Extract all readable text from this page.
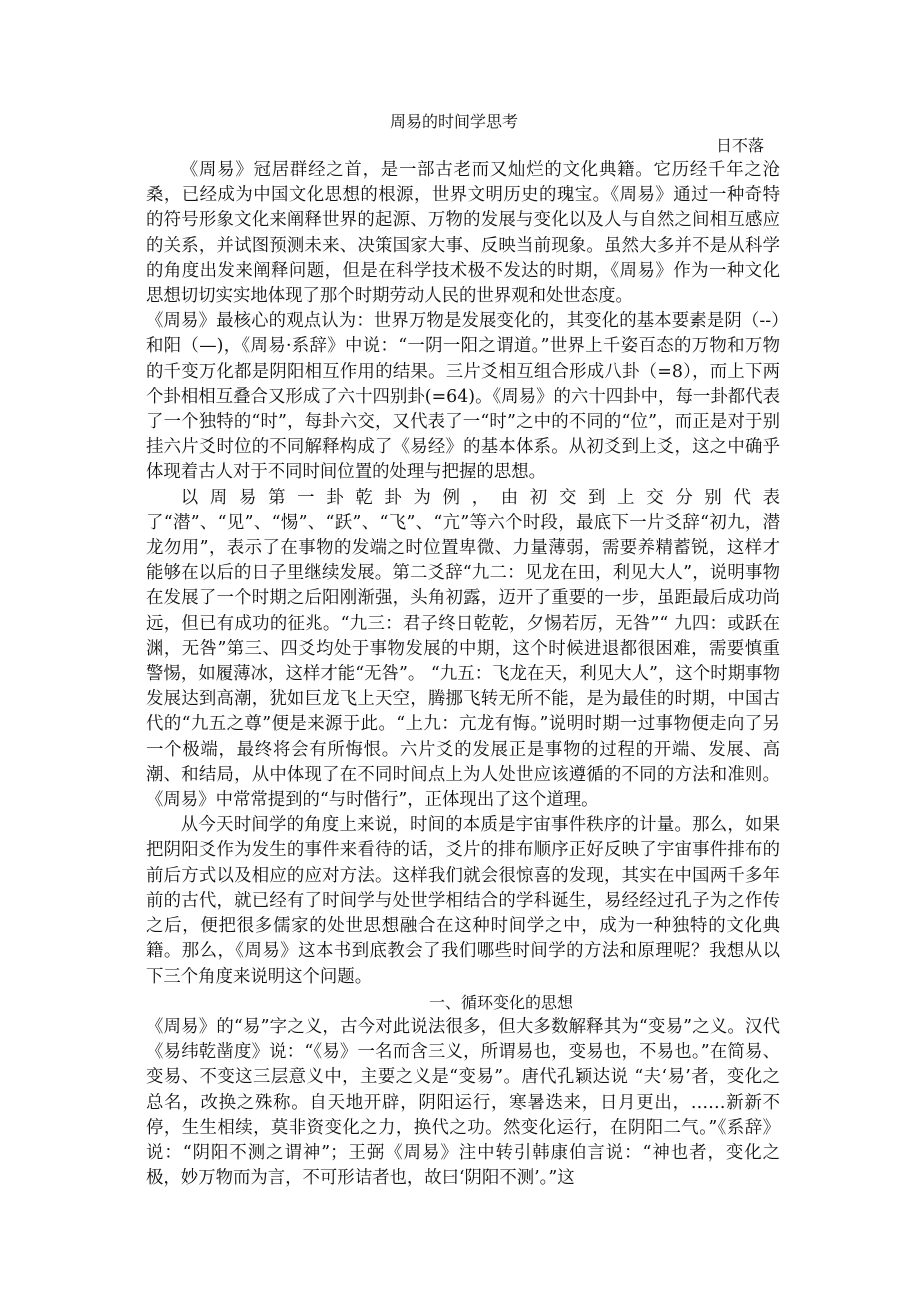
周易的时间学思考

日不落

《周易》冠居群经之首，是一部古老而又灿烂的文化典籍。它历经千年之沧桑，已经成为中国文化思想的根源，世界文明历史的瑰宝。《周易》通过一种奇特的符号形象文化来阐释世界的起源、万物的发展与变化以及人与自然之间相互感应的关系，并试图预测未来、决策国家大事、反映当前现象。虽然大多并不是从科学的角度出发来阐释问题，但是在科学技术极不发达的时期，《周易》作为一种文化思想切切实实地体现了那个时期劳动人民的世界观和处世态度。

《周易》最核心的观点认为：世界万物是发展变化的，其变化的基本要素是阴（--）和阳（—)，《周易·系辞》中说：“一阴一阳之谓道。”世界上千姿百态的万物和万物的千变万化都是阴阳相互作用的结果。三片爻相互组合形成八卦（=8），而上下两个卦相相互叠合又形成了六十四别卦(=64)。《周易》的六十四卦中，每一卦都代表了一个独特的“时”，每卦六交，又代表了一“时”之中的不同的“位”，而正是对于别挂六片爻时位的不同解释构成了《易经》的基本体系。从初爻到上爻，这之中确乎体现着古人对于不同时间位置的处理与把握的思想。

以周易第一卦乾卦为例，由初交到上交分别代表了“潜”、“见”、“惕”、“跃”、“飞”、“亢”等六个时段，最底下一片爻辞“初九，潜龙勿用”，表示了在事物的发端之时位置卑微、力量薄弱，需要养精蓄锐，这样才能够在以后的日子里继续发展。第二爻辞“九二：见龙在田，利见大人”，说明事物在发展了一个时期之后阳刚渐强，头角初露，迈开了重要的一步，虽距最后成功尚远，但已有成功的征兆。“九三：君子终日乾乾，夕惕若厉，无咎”“ 九四：或跃在渊，无咎”第三、四爻均处于事物发展的中期，这个时候进退都很困难，需要慎重警惕，如履薄冰，这样才能“无咎”。 “九五：飞龙在天，利见大人”，这个时期事物发展达到高潮，犹如巨龙飞上天空，腾挪飞转无所不能，是为最佳的时期，中国古代的“九五之尊”便是来源于此。“上九：亢龙有悔。”说明时期一过事物便走向了另一个极端，最终将会有所悔恨。六片爻的发展正是事物的过程的开端、发展、高潮、和结局，从中体现了在不同时间点上为人处世应该遵循的不同的方法和准则。《周易》中常常提到的“与时偕行”，正体现出了这个道理。

从今天时间学的角度上来说，时间的本质是宇宙事件秩序的计量。那么，如果把阴阳爻作为发生的事件来看待的话，爻片的排布顺序正好反映了宇宙事件排布的前后方式以及相应的应对方法。这样我们就会很惊喜的发现，其实在中国两千多年前的古代，就已经有了时间学与处世学相结合的学科诞生，易经经过孔子为之作传之后，便把很多儒家的处世思想融合在这种时间学之中，成为一种独特的文化典籍。那么，《周易》这本书到底教会了我们哪些时间学的方法和原理呢？我想从以下三个角度来说明这个问题。

一、循环变化的思想

《周易》的“易”字之义，古今对此说法很多，但大多数解释其为“变易”之义。汉代《易纬乾凿度》说：“《易》一名而含三义，所谓易也，变易也，不易也。”在简易、变易、不变这三层意义中，主要之义是“变易”。唐代孔颖达说 “夫‘易’者，变化之总名，改换之殊称。自天地开辟，阴阳运行，寒暑迭来，日月更出，……新新不停，生生相续，莫非资变化之力，换代之功。然变化运行，在阴阳二气。”《系辞》说：“阴阳不测之谓神”；王弼《周易》注中转引韩康伯言说：“神也者，变化之极，妙万物而为言，不可形诘者也，故曰‘阴阳不测’。”这
